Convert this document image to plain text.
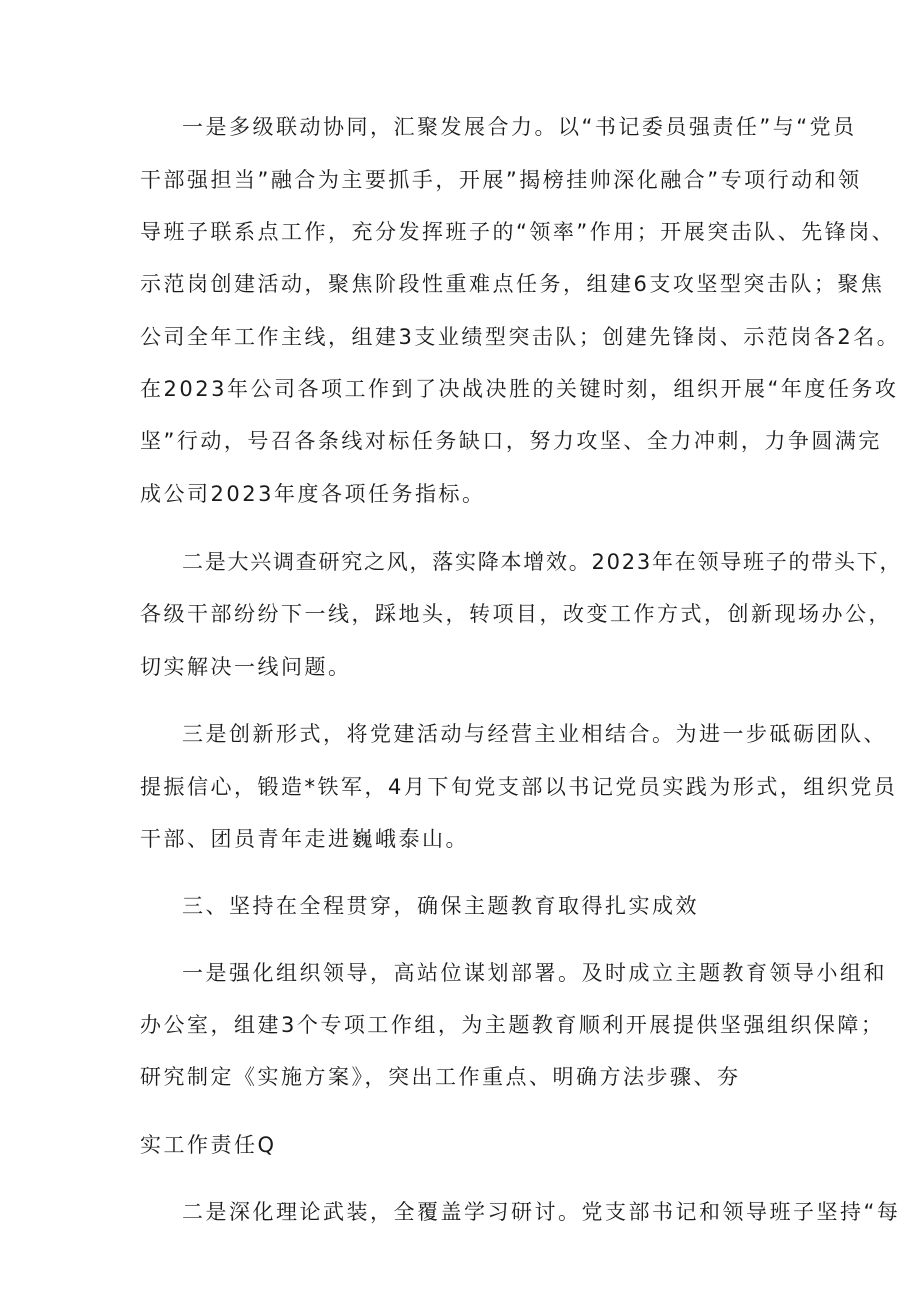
一是多级联动协同，汇聚发展合力。以“书记委员强责任”与“党员

干部强担当”融合为主要抓手，开展”揭榜挂帅深化融合”专项行动和领

导班子联系点工作，充分发挥班子的“领率”作用；开展突击队、先锋岗、

示范岗创建活动，聚焦阶段性重难点任务，组建6支攻坚型突击队；聚焦

公司全年工作主线，组建3支业绩型突击队；创建先锋岗、示范岗各2名。

在2023年公司各项工作到了决战决胜的关键时刻，组织开展“年度任务攻

坚”行动，号召各条线对标任务缺口，努力攻坚、全力冲刺，力争圆满完

成公司2023年度各项任务指标。

二是大兴调查研究之风，落实降本增效。2023年在领导班子的带头下，

各级干部纷纷下一线，踩地头，转项目，改变工作方式，创新现场办公，

切实解决一线问题。

三是创新形式，将党建活动与经营主业相结合。为进一步砥砺团队、

提振信心，锻造*铁军，4月下旬党支部以书记党员实践为形式，组织党员

干部、团员青年走进巍峨泰山。

三、坚持在全程贯穿，确保主题教育取得扎实成效

一是强化组织领导，高站位谋划部署。及时成立主题教育领导小组和

办公室，组建3个专项工作组，为主题教育顺利开展提供坚强组织保障；

研究制定《实施方案》，突出工作重点、明确方法步骤、夯

实工作责任Q

二是深化理论武装，全覆盖学习研讨。党支部书记和领导班子坚持“每
